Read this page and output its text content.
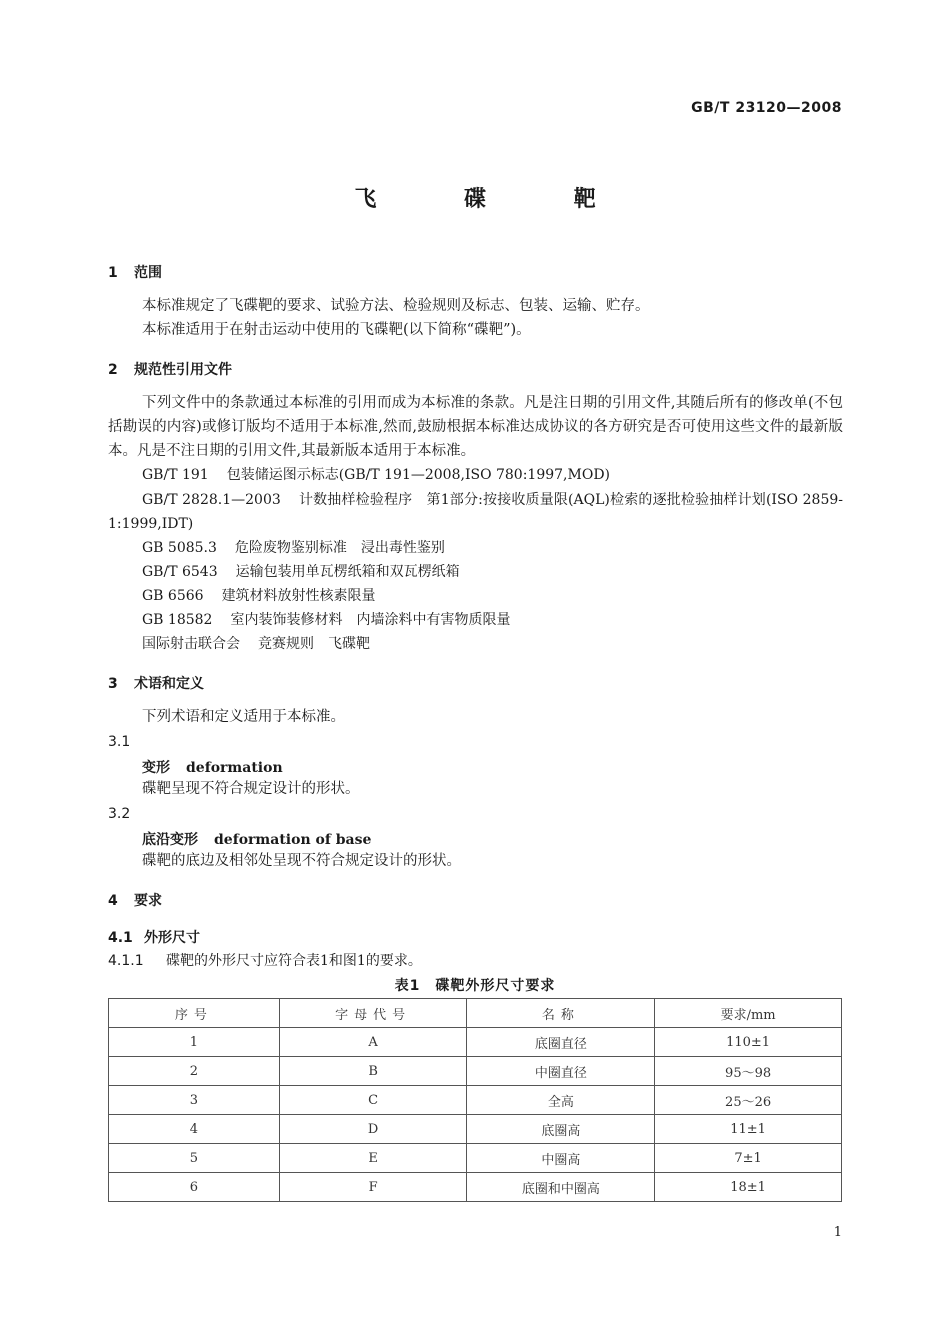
GB/T 23120—2008
飞 碟 靶
1 范围
本标准规定了飞碟靶的要求、试验方法、检验规则及标志、包装、运输、贮存。
本标准适用于在射击运动中使用的飞碟靶(以下简称“碟靶”)。
2 规范性引用文件
下列文件中的条款通过本标准的引用而成为本标准的条款。凡是注日期的引用文件,其随后所有的修改单(不包括勘误的内容)或修订版均不适用于本标准,然而,鼓励根据本标准达成协议的各方研究是否可使用这些文件的最新版本。凡是不注日期的引用文件,其最新版本适用于本标准。
GB/T 191 包装储运图示标志(GB/T 191—2008,ISO 780:1997,MOD)
GB/T 2828.1—2003 计数抽样检验程序　第1部分:按接收质量限(AQL)检索的逐批检验抽样计划(ISO 2859-1:1999,IDT)
GB 5085.3 危险废物鉴别标准　浸出毒性鉴别
GB/T 6543 运输包装用单瓦楞纸箱和双瓦楞纸箱
GB 6566 建筑材料放射性核素限量
GB 18582 室内装饰装修材料　内墙涂料中有害物质限量
国际射击联合会 竞赛规则　飞碟靶
3 术语和定义
下列术语和定义适用于本标准。
3.1
变形 deformation
碟靶呈现不符合规定设计的形状。
3.2
底沿变形 deformation of base
碟靶的底边及相邻处呈现不符合规定设计的形状。
4 要求
4.1 外形尺寸
4.1.1 碟靶的外形尺寸应符合表1和图1的要求。
表1　碟靶外形尺寸要求
序号	字母代号	名称	要求/mm
1	A	底圈直径	110±1
2	B	中圈直径	95～98
3	C	全高	25～26
4	D	底圈高	11±1
5	E	中圈高	7±1
6	F	底圈和中圈高	18±1
1
